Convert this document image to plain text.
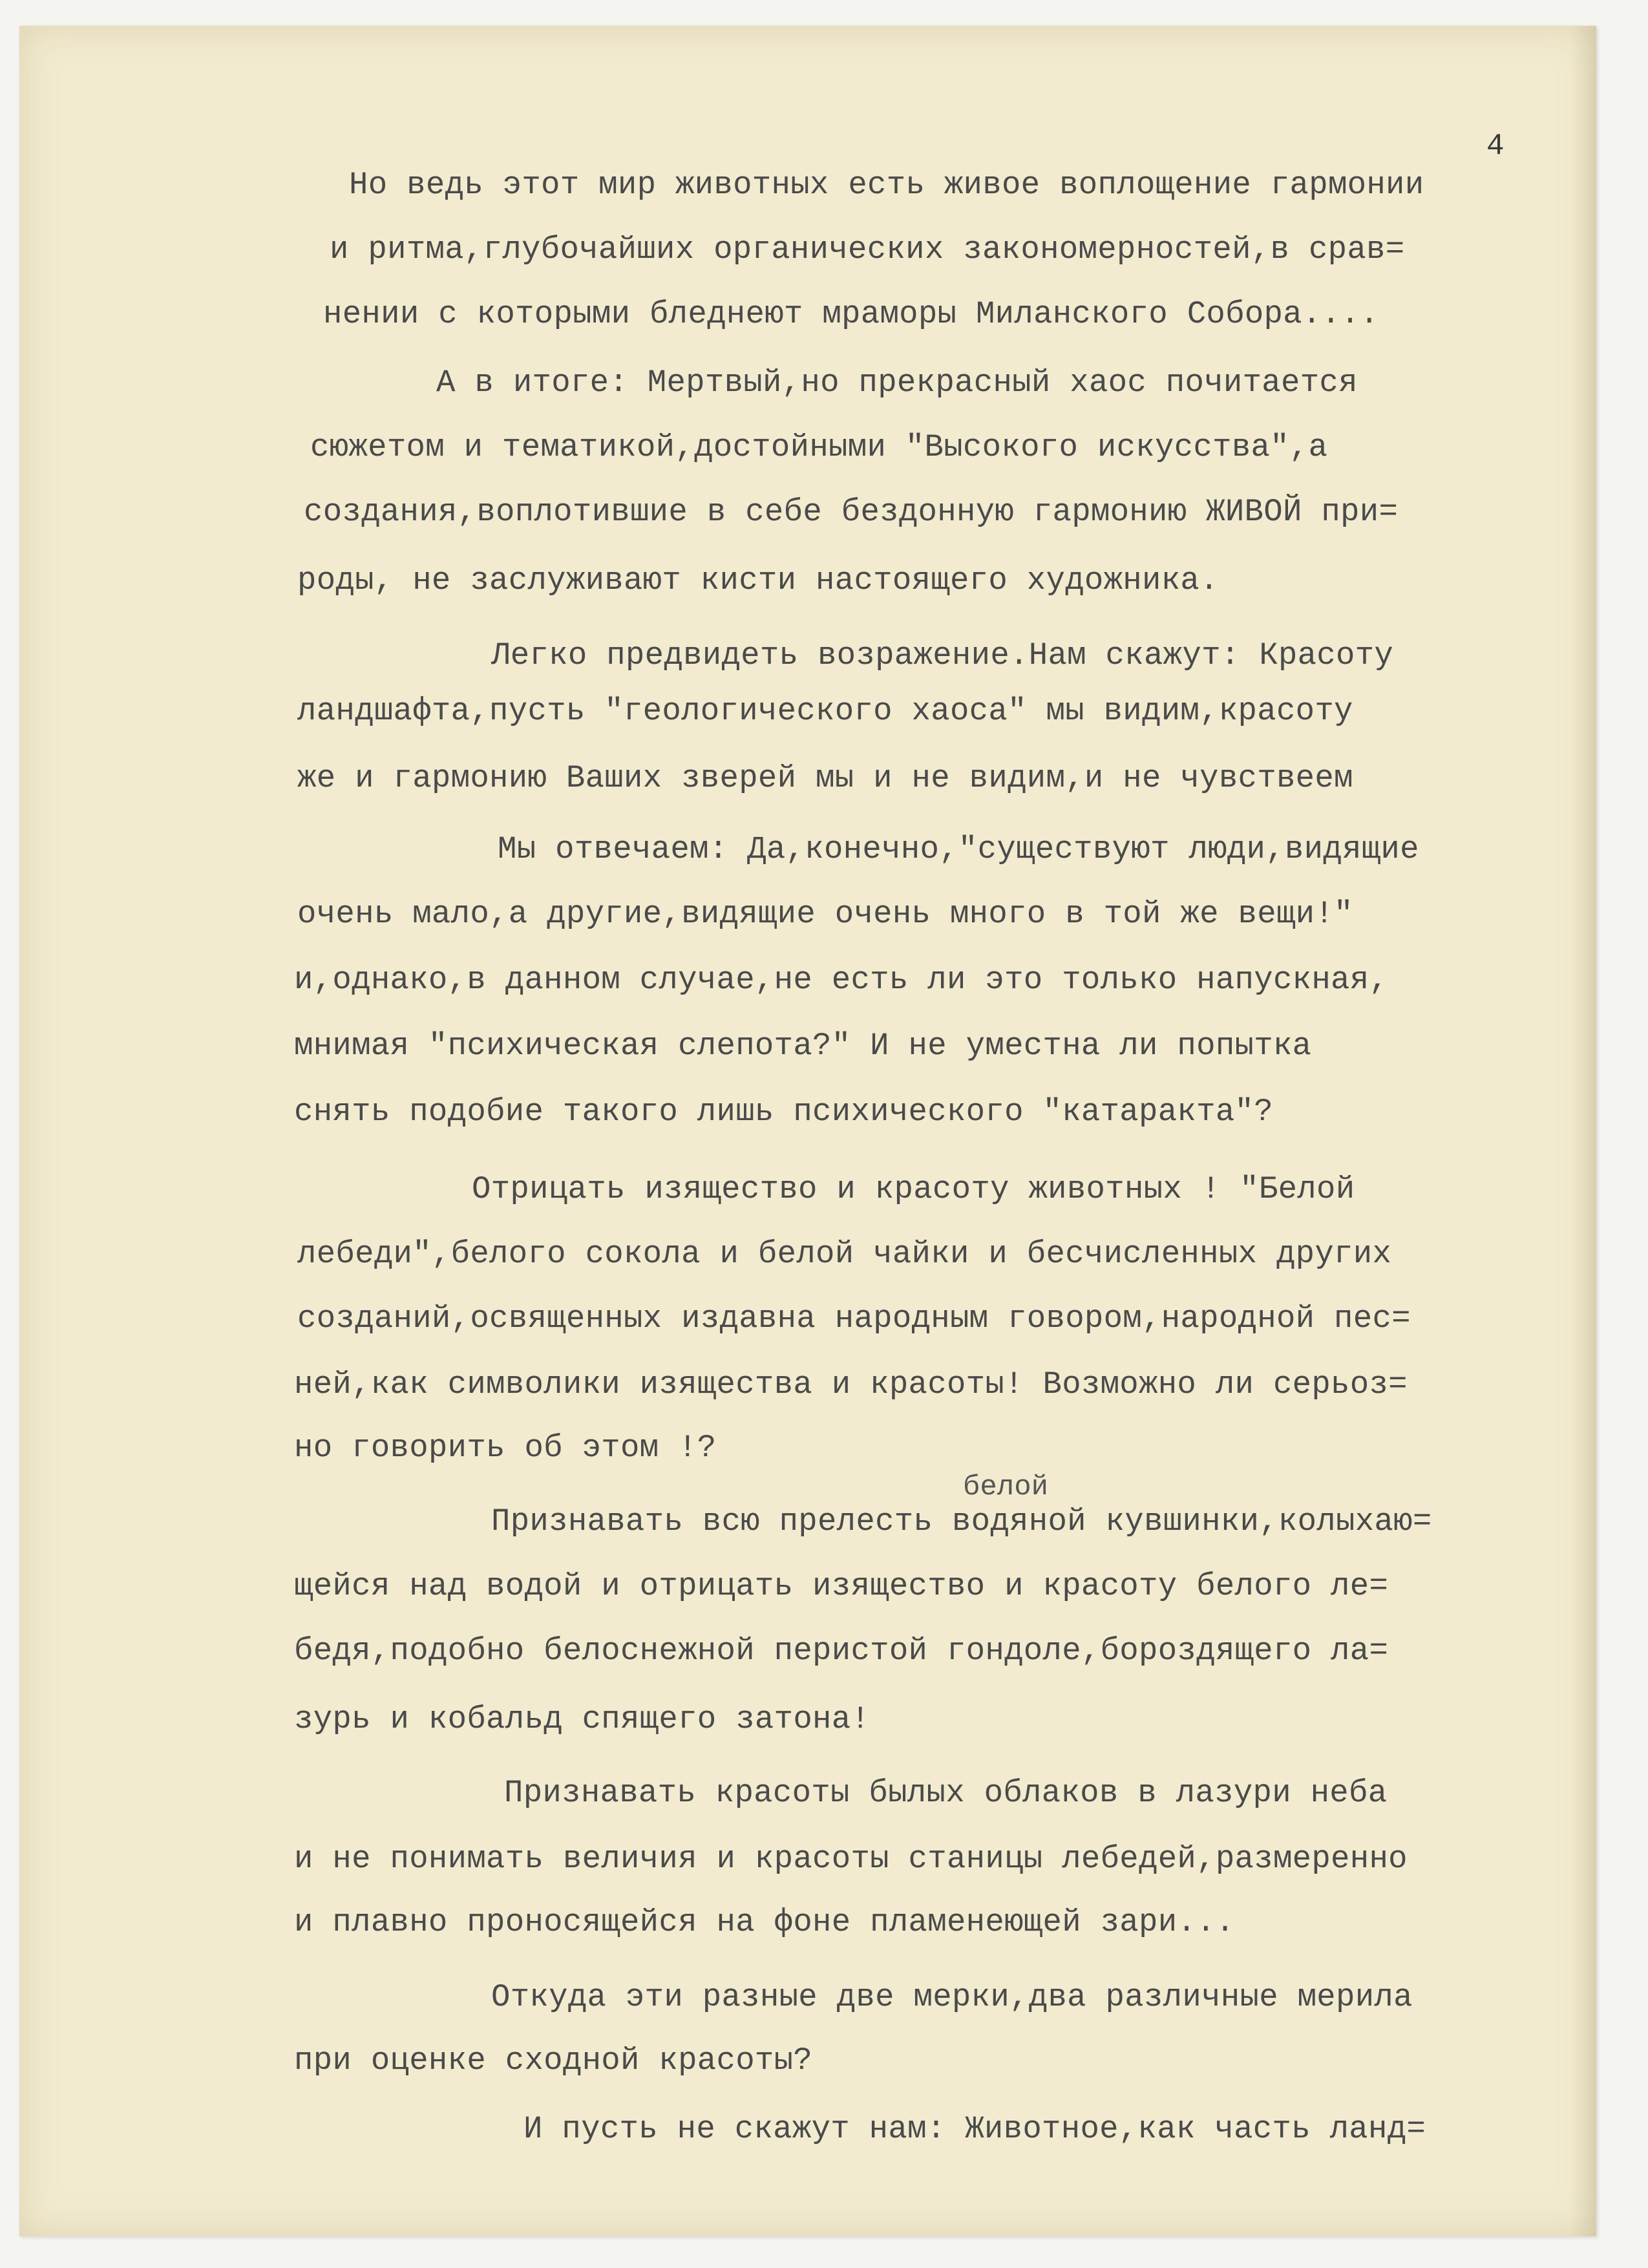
4
Но ведь этот мир животных есть живое воплощение гармонии
и ритма,глубочайших органических закономерностей,в срав=
нении с которыми бледнеют мраморы Миланского Собора....
А в итоге: Мертвый,но прекрасный хаос почитается
сюжетом и тематикой,достойными "Высокого искусства",а
создания,воплотившие в себе бездонную гармонию ЖИВОЙ при=
роды, не заслуживают кисти настоящего художника.
Легко предвидеть возражение.Нам скажут: Красоту
ландшафта,пусть "геологического хаоса" мы видим,красоту
же и гармонию Ваших зверей мы и не видим,и не чувствеем
Мы отвечаем: Да,конечно,"существуют люди,видящие
очень мало,а другие,видящие очень много в той же вещи!"
и,однако,в данном случае,не есть ли это только напускная,
мнимая "психическая слепота?" И не уместна ли попытка
снять подобие такого лишь психического "катаракта"?
Отрицать изящество и красоту животных ! "Белой
лебеди",белого сокола и белой чайки и бесчисленных других
созданий,освященных издавна народным говором,народной пес=
ней,как символики изящества и красоты! Возможно ли серьоз=
но говорить об этом !?
белой
Признавать всю прелесть водяной кувшинки,колыхаю=
щейся над водой и отрицать изящество и красоту белого ле=
бедя,подобно белоснежной перистой гондоле,бороздящего ла=
зурь и кобальд спящего затона!
Признавать красоты былых облаков в лазури неба
и не понимать величия и красоты станицы лебедей,размеренно
и плавно проносящейся на фоне пламенеющей зари...
Откуда эти разные две мерки,два различные мерила
при оценке сходной красоты?
И пусть не скажут нам: Животное,как часть ланд=
